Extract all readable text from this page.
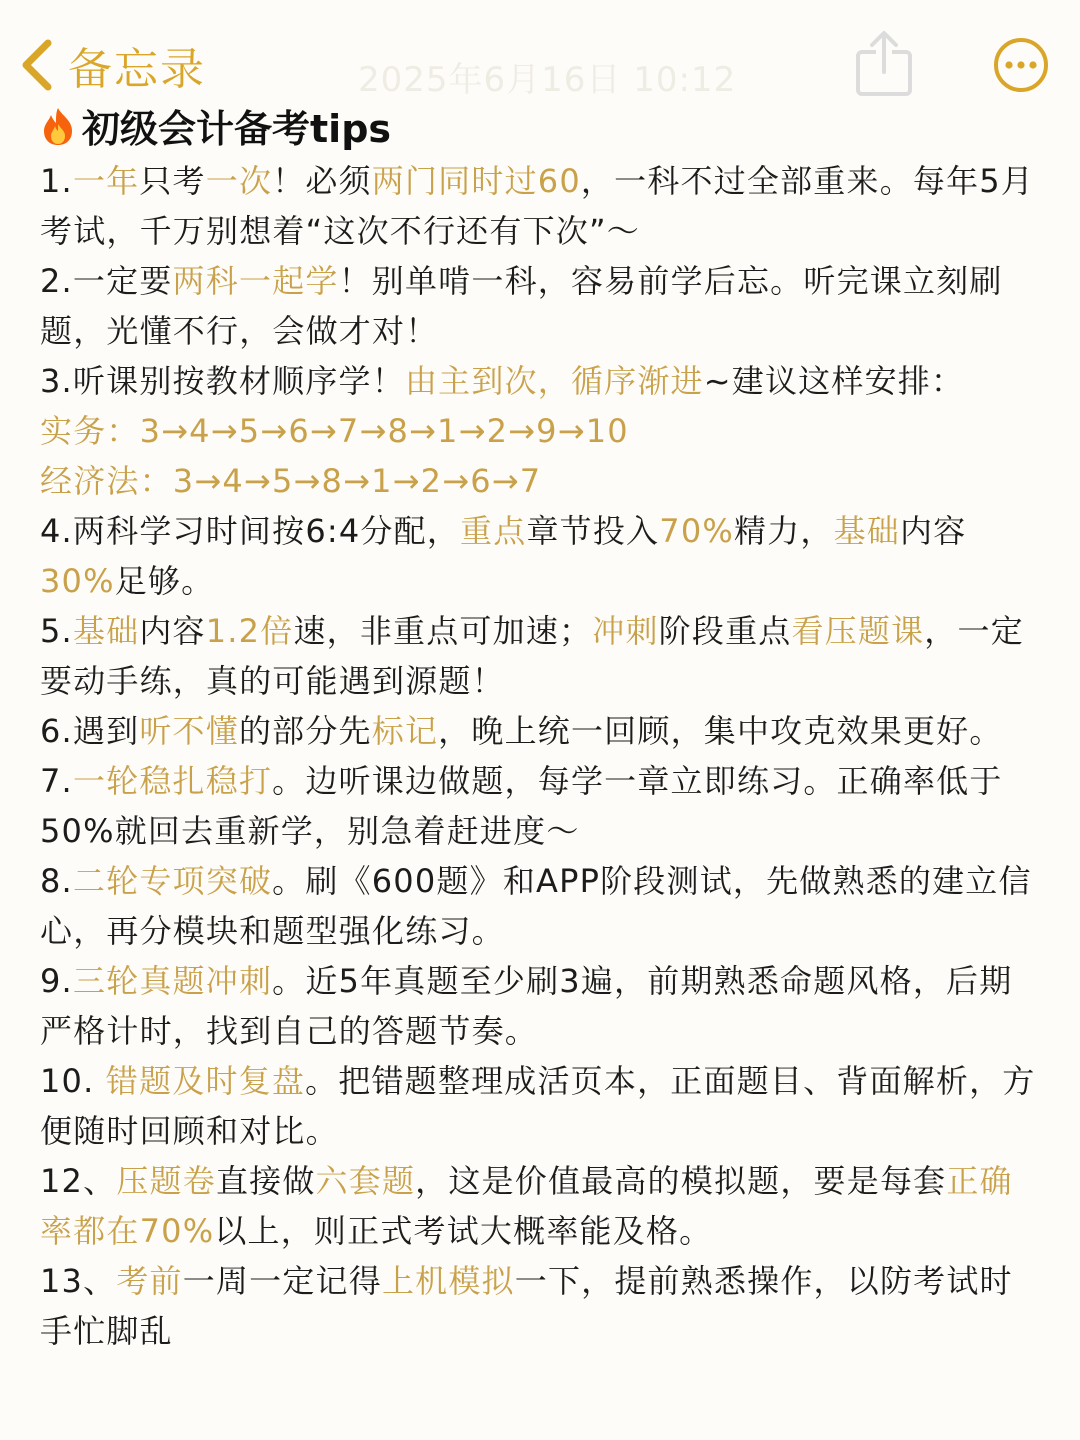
备忘录	2025年6月16日 10:12
初级会计备考tips

1.一年只考一次！必须两门同时过60，一科不过全部重来。每年5月考试，千万别想着“这次不行还有下次”～

2.一定要两科一起学！别单啃一科，容易前学后忘。听完课立刻刷题，光懂不行，会做才对！

3.听课别按教材顺序学！由主到次，循序渐进~建议这样安排：

实务：3→4→5→6→7→8→1→2→9→10

经济法：3→4→5→8→1→2→6→7

4.两科学习时间按6:4分配，重点章节投入70%精力，基础内容30%足够。

5.基础内容1.2倍速，非重点可加速；冲刺阶段重点看压题课，一定要动手练，真的可能遇到源题！

6.遇到听不懂的部分先标记，晚上统一回顾，集中攻克效果更好。

7.一轮稳扎稳打。边听课边做题，每学一章立即练习。正确率低于50%就回去重新学，别急着赶进度～

8.二轮专项突破。刷《600题》和APP阶段测试，先做熟悉的建立信心，再分模块和题型强化练习。

9.三轮真题冲刺。近5年真题至少刷3遍，前期熟悉命题风格，后期严格计时，找到自己的答题节奏。

10. 错题及时复盘。把错题整理成活页本，正面题目、背面解析，方便随时回顾和对比。

12、压题卷直接做六套题，这是价值最高的模拟题，要是每套正确率都在70%以上，则正式考试大概率能及格。

13、考前一周一定记得上机模拟一下，提前熟悉操作，以防考试时手忙脚乱
